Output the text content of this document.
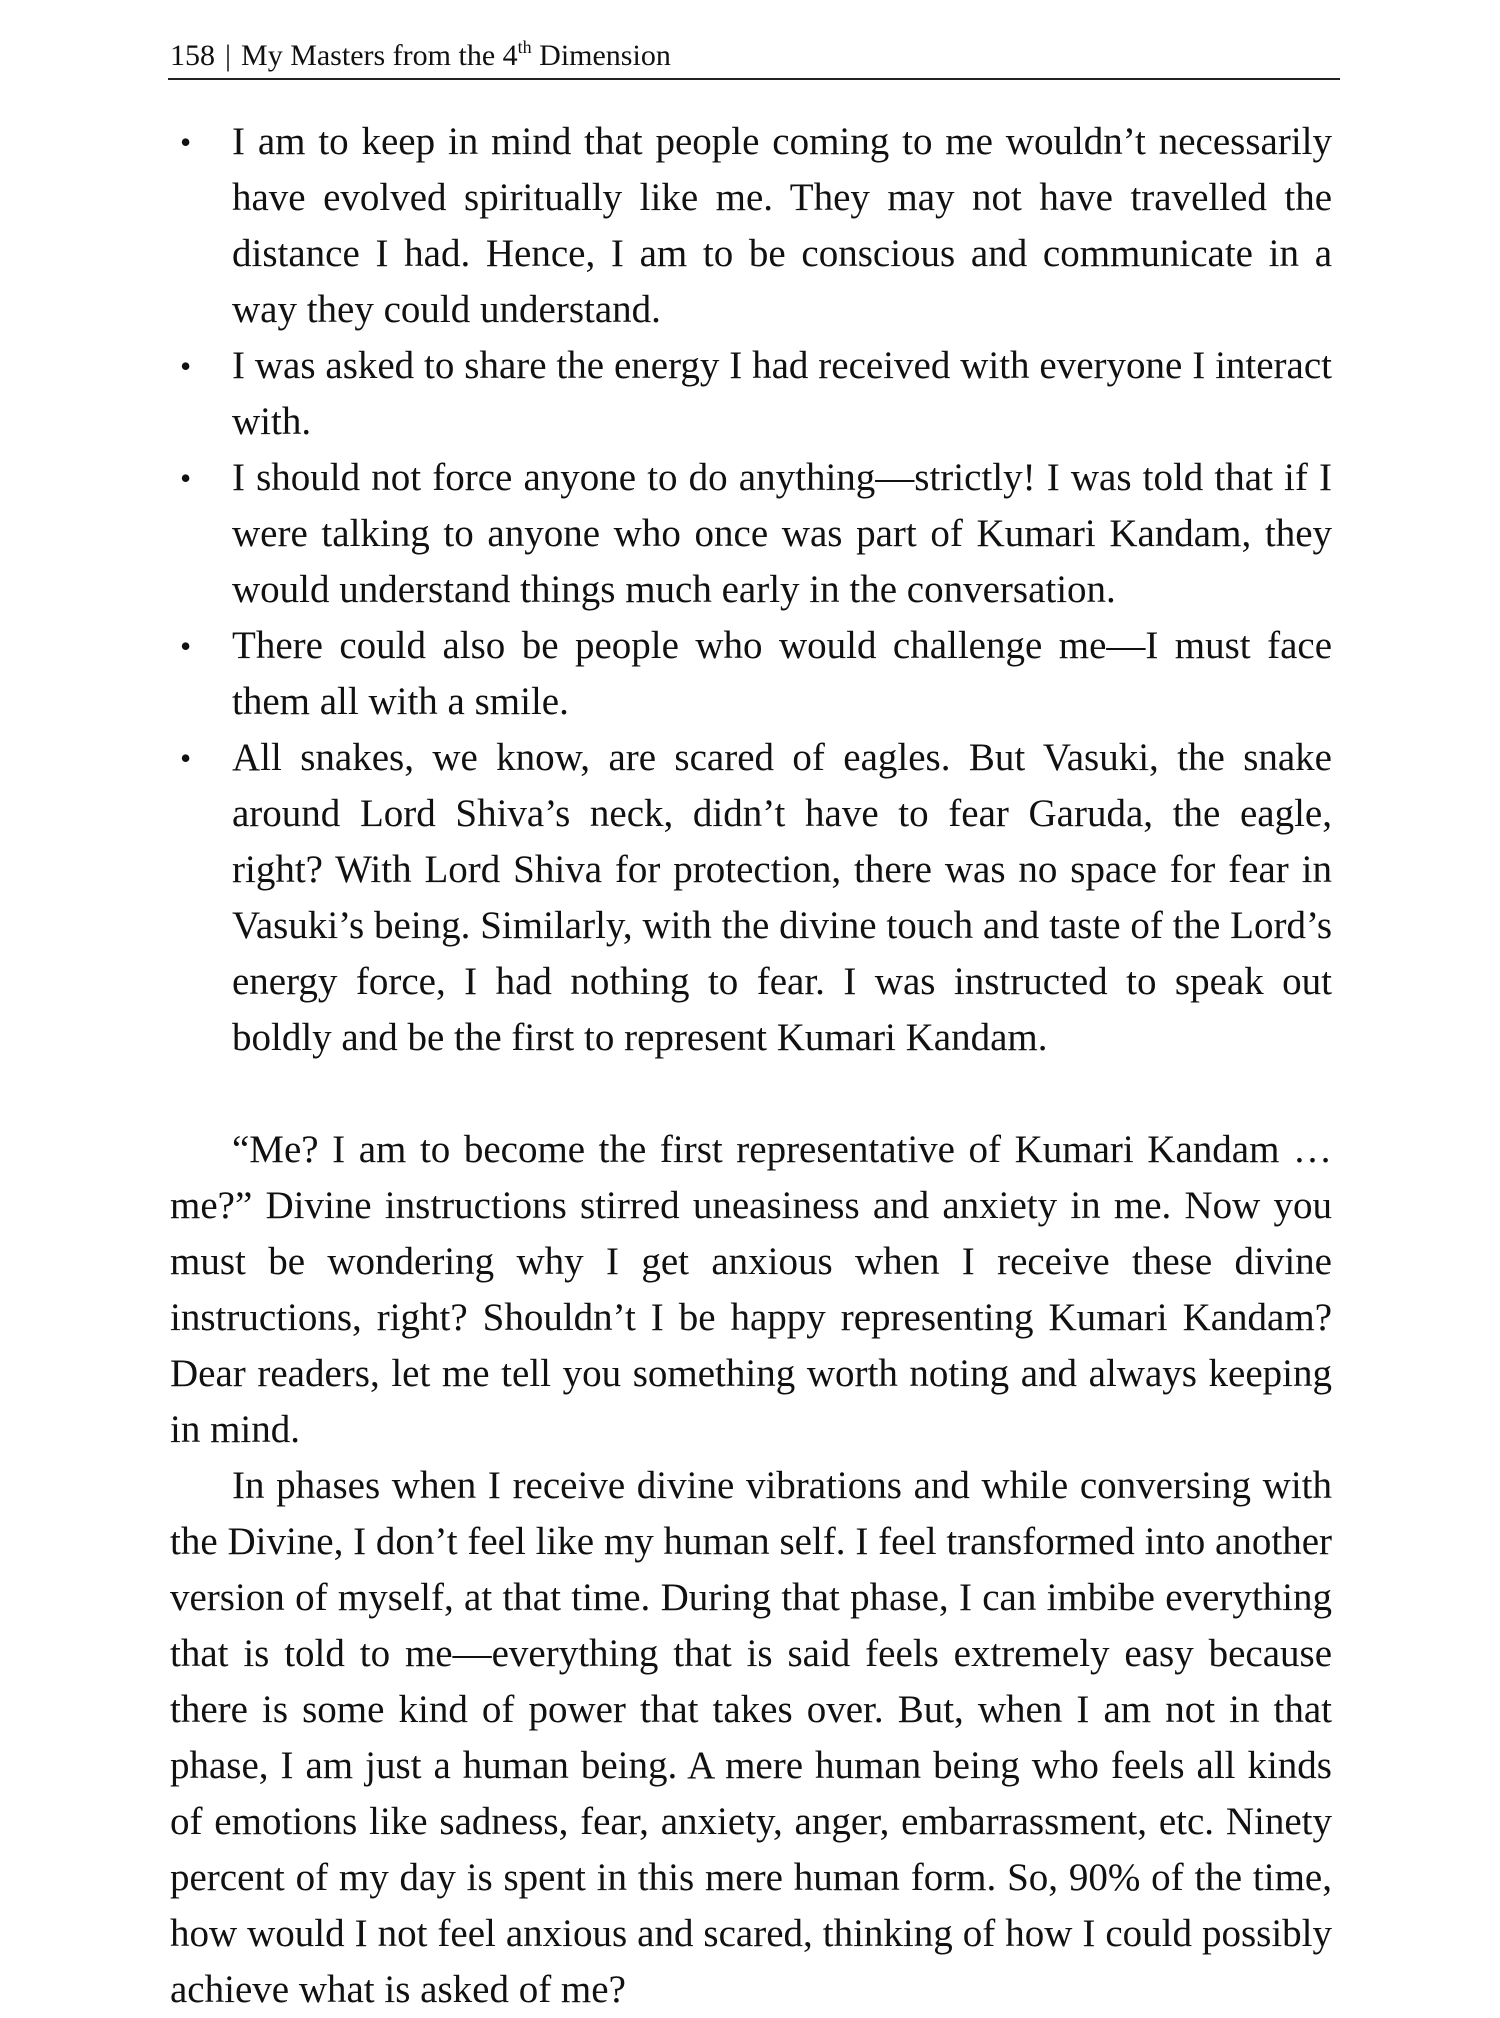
158 | My Masters from the 4th Dimension
• I am to keep in mind that people coming to me wouldn’t necessarily have evolved spiritually like me. They may not have travelled the distance I had. Hence, I am to be conscious and communicate in a way they could understand.
• I was asked to share the energy I had received with everyone I interact with.
• I should not force anyone to do anything—strictly! I was told that if I were talking to anyone who once was part of Kumari Kandam, they would understand things much early in the conversation.
• There could also be people who would challenge me—I must face them all with a smile.
• All snakes, we know, are scared of eagles. But Vasuki, the snake around Lord Shiva’s neck, didn’t have to fear Garuda, the eagle, right? With Lord Shiva for protection, there was no space for fear in Vasuki’s being. Similarly, with the divine touch and taste of the Lord’s energy force, I had nothing to fear. I was instructed to speak out boldly and be the first to represent Kumari Kandam.

“Me? I am to become the first representative of Kumari Kandam … me?” Divine instructions stirred uneasiness and anxiety in me. Now you must be wondering why I get anxious when I receive these divine instructions, right? Shouldn’t I be happy representing Kumari Kandam? Dear readers, let me tell you something worth noting and always keeping in mind.

In phases when I receive divine vibrations and while conversing with the Divine, I don’t feel like my human self. I feel transformed into another version of myself, at that time. During that phase, I can imbibe everything that is told to me—everything that is said feels extremely easy because there is some kind of power that takes over. But, when I am not in that phase, I am just a human being. A mere human being who feels all kinds of emotions like sadness, fear, anxiety, anger, embarrassment, etc. Ninety percent of my day is spent in this mere human form. So, 90% of the time, how would I not feel anxious and scared, thinking of how I could possibly achieve what is asked of me?
